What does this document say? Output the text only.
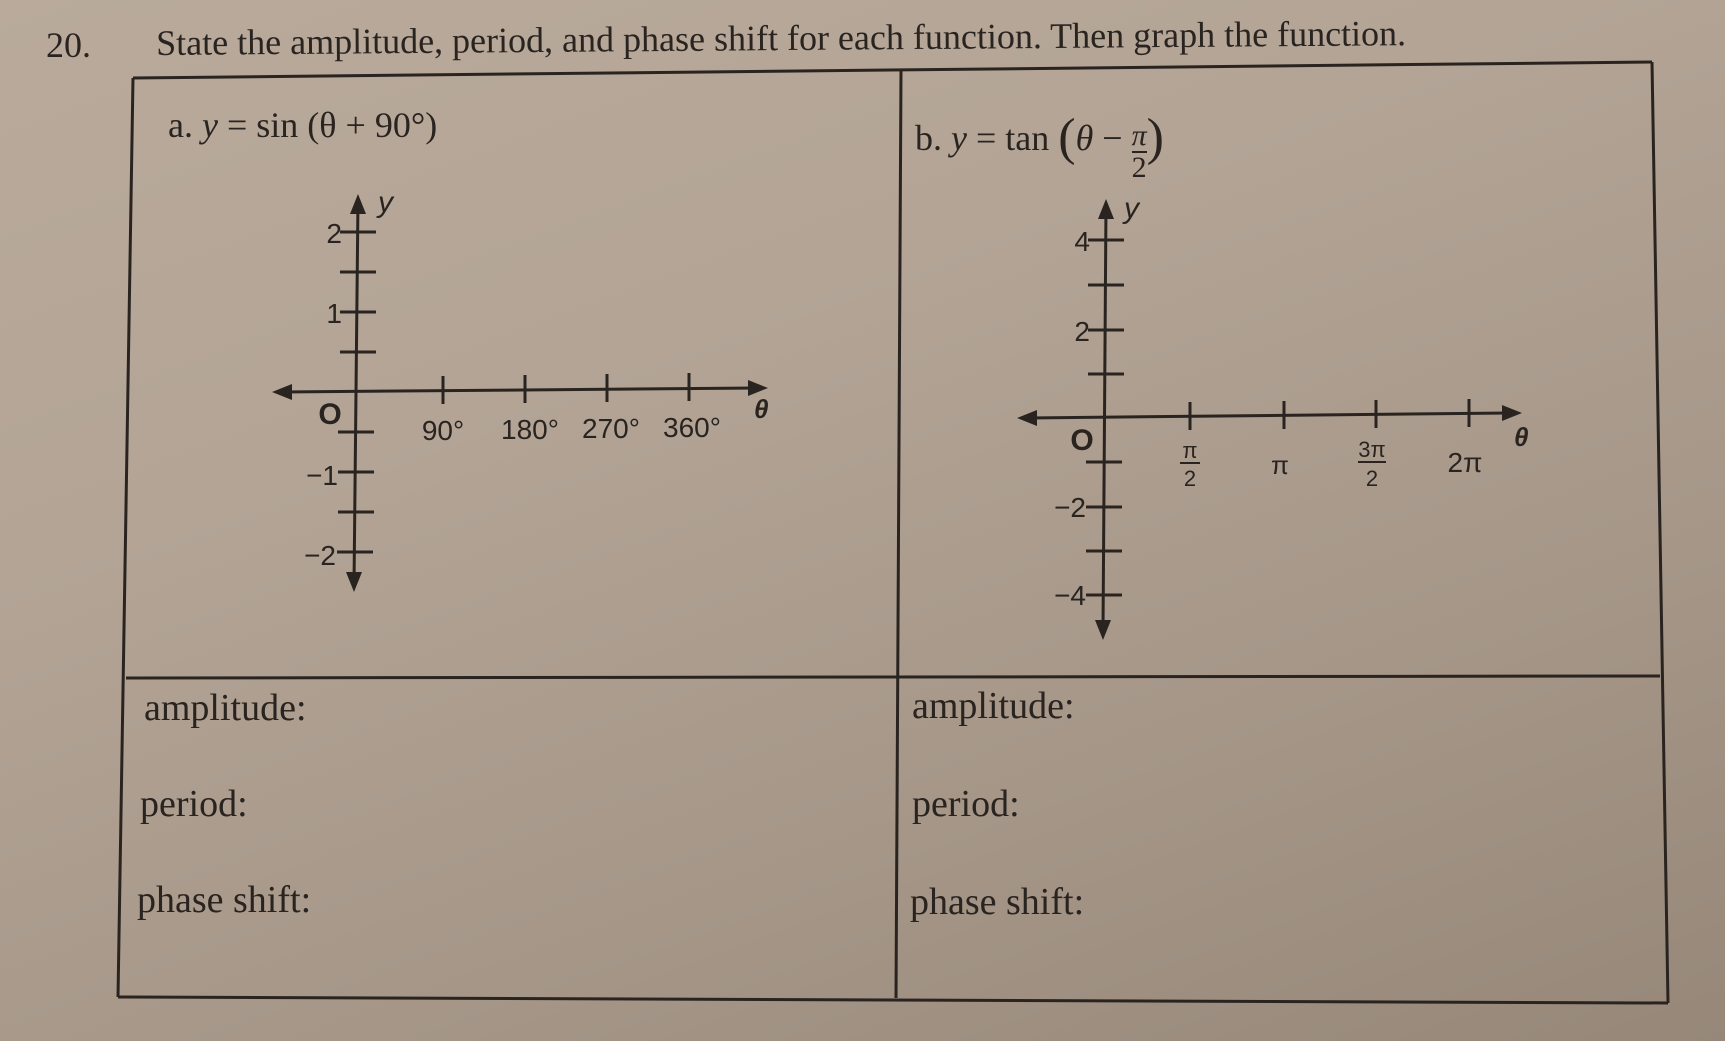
20. State the amplitude, period, and phase shift for each function. Then graph the function.
a. y = sin (θ + 90°)	b. $y = \tan (\theta - \frac{\pi}{2}$ )
y
θ
O
2
1
−1
−2
90° 180° 270° 360°
y
θ
O
4
2
−2
−4
π
2	π
3π
2
2π
amplitude:
period:
phase shift:
amplitude:
period:
phase shift:
